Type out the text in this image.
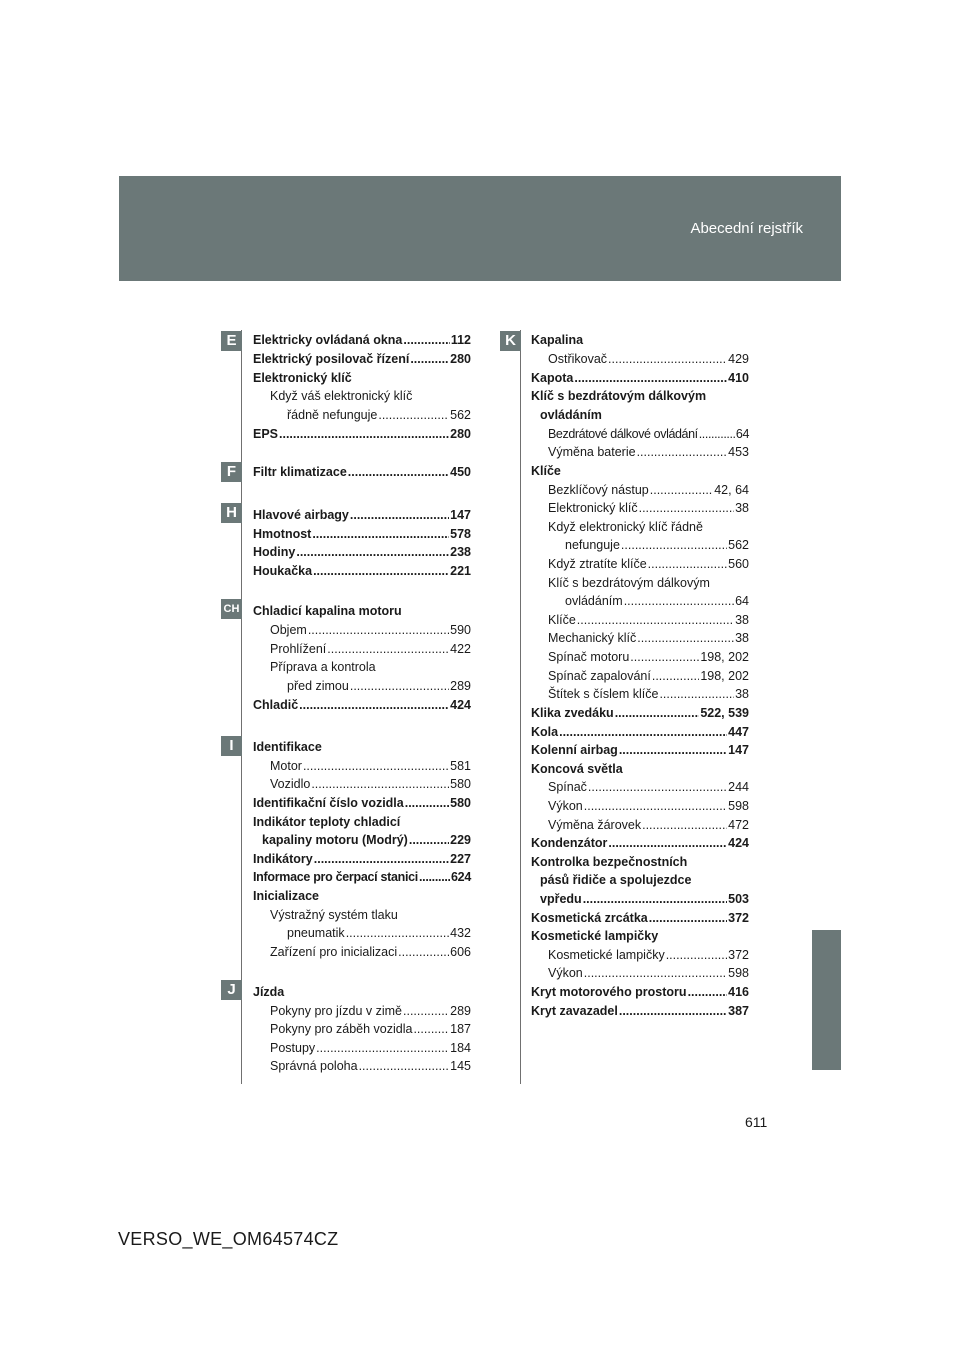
Abecední rejstřík
E
F
H
CH
I
J
K
Elektricky ovládaná okna .....	112
Elektrický posilovač řízení .....	280
Elektronický klíč
Když váš elektronický klíč
řádně nefunguje .....	562
EPS .....	280
Filtr klimatizace .....	450
Hlavové airbagy .....	147
Hmotnost .....	578
Hodiny .....	238
Houkačka .....	221
Chladicí kapalina motoru
Objem .....	590
Prohlížení .....	422
Příprava a kontrola
před zimou .....	289
Chladič .....	424
Identifikace
Motor .....	581
Vozidlo .....	580
Identifikační číslo vozidla .....	580
Indikátor teploty chladicí
kapaliny motoru (Modrý) .....	229
Indikátory .....	227
Informace pro čerpací stanici .....	624
Inicializace
Výstražný systém tlaku
pneumatik .....	432
Zařízení pro inicializaci .....	606
Jízda
Pokyny pro jízdu v zimě .....	289
Pokyny pro záběh vozidla .....	187
Postupy .....	184
Správná poloha .....	145
Kapalina
Ostřikovač .....	429
Kapota .....	410
Klíč s bezdrátovým dálkovým
ovládáním
Bezdrátové dálkové ovládání .....	64
Výměna baterie .....	453
Klíče
Bezklíčový nástup .....	42, 64
Elektronický klíč .....	38
Když elektronický klíč řádně
nefunguje .....	562
Když ztratíte klíče .....	560
Klíč s bezdrátovým dálkovým
ovládáním .....	64
Klíče .....	38
Mechanický klíč .....	38
Spínač motoru .....	198, 202
Spínač zapalování .....	198, 202
Štítek s číslem klíče .....	38
Klika zvedáku .....	522, 539
Kola .....	447
Kolenní airbag .....	147
Koncová světla
Spínač .....	244
Výkon .....	598
Výměna žárovek .....	472
Kondenzátor .....	424
Kontrolka bezpečnostních
pásů řidiče a spolujezdce
vpředu .....	503
Kosmetická zrcátka .....	372
Kosmetické lampičky
Kosmetické lampičky .....	372
Výkon .....	598
Kryt motorového prostoru .....	416
Kryt zavazadel .....	387
611
VERSO_WE_OM64574CZ
